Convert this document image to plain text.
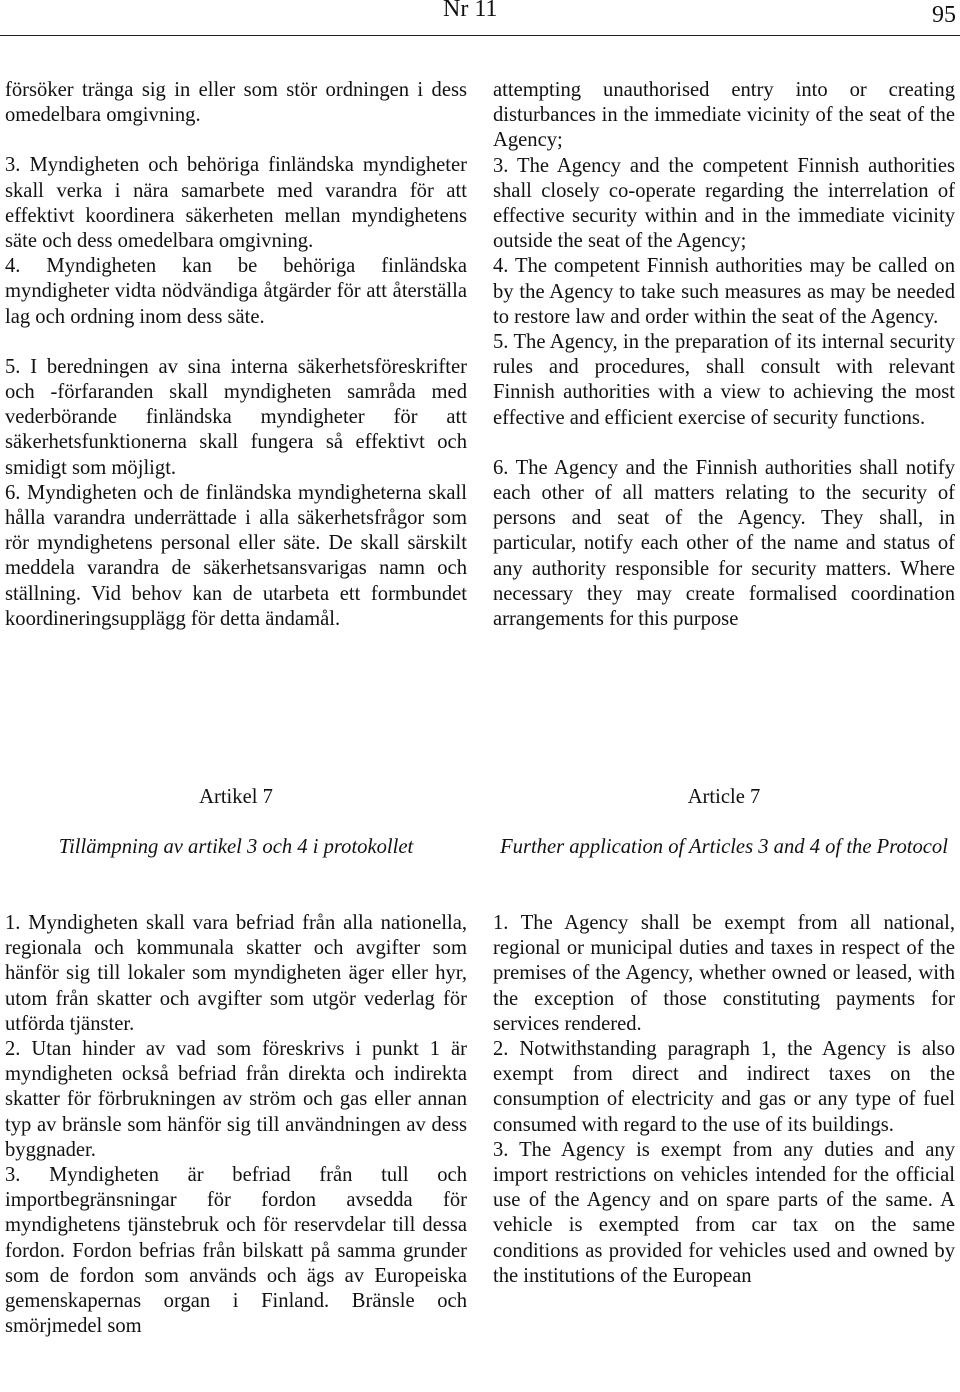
Nr 11	95

försöker tränga sig in eller som stör ordningen i dess omedelbara omgivning.

3. Myndigheten och behöriga finländska myndigheter skall verka i nära samarbete med varandra för att effektivt koordinera säkerheten mellan myndighetens säte och dess omedelbara omgivning.

4. Myndigheten kan be behöriga finländska myndigheter vidta nödvändiga åtgärder för att återställa lag och ordning inom dess säte.

5. I beredningen av sina interna säkerhetsföreskrifter och -förfaranden skall myndigheten samråda med vederbörande finländska myndigheter för att säkerhetsfunktionerna skall fungera så effektivt och smidigt som möjligt.

6. Myndigheten och de finländska myndigheterna skall hålla varandra underrättade i alla säkerhetsfrågor som rör myndighetens personal eller säte. De skall särskilt meddela varandra de säkerhetsansvarigas namn och ställning. Vid behov kan de utarbeta ett formbundet koordineringsupplägg för detta ändamål.

attempting unauthorised entry into or creating disturbances in the immediate vicinity of the seat of the Agency;

3. The Agency and the competent Finnish authorities shall closely co-operate regarding the interrelation of effective security within and in the immediate vicinity outside the seat of the Agency;

4. The competent Finnish authorities may be called on by the Agency to take such measures as may be needed to restore law and order within the seat of the Agency.

5. The Agency, in the preparation of its internal security rules and procedures, shall consult with relevant Finnish authorities with a view to achieving the most effective and efficient exercise of security functions.

6. The Agency and the Finnish authorities shall notify each other of all matters relating to the security of persons and seat of the Agency. They shall, in particular, notify each other of the name and status of any authority responsible for security matters. Where necessary they may create formalised coordination arrangements for this purpose

Artikel 7	Article 7
Tillämpning av artikel 3 och 4 i protokollet	Further application of Articles 3 and 4 of the Protocol

1. Myndigheten skall vara befriad från alla nationella, regionala och kommunala skatter och avgifter som hänför sig till lokaler som myndigheten äger eller hyr, utom från skatter och avgifter som utgör vederlag för utförda tjänster.

2. Utan hinder av vad som föreskrivs i punkt 1 är myndigheten också befriad från direkta och indirekta skatter för förbrukningen av ström och gas eller annan typ av bränsle som hänför sig till användningen av dess byggnader.

3. Myndigheten är befriad från tull och importbegränsningar för fordon avsedda för myndighetens tjänstebruk och för reservdelar till dessa fordon. Fordon befrias från bilskatt på samma grunder som de fordon som används och ägs av Europeiska gemenskapernas organ i Finland. Bränsle och smörjmedel som

1. The Agency shall be exempt from all national, regional or municipal duties and taxes in respect of the premises of the Agency, whether owned or leased, with the exception of those constituting payments for services rendered.

2. Notwithstanding paragraph 1, the Agency is also exempt from direct and indirect taxes on the consumption of electricity and gas or any type of fuel consumed with regard to the use of its buildings.

3. The Agency is exempt from any duties and any import restrictions on vehicles intended for the official use of the Agency and on spare parts of the same. A vehicle is exempted from car tax on the same conditions as provided for vehicles used and owned by the institutions of the European
